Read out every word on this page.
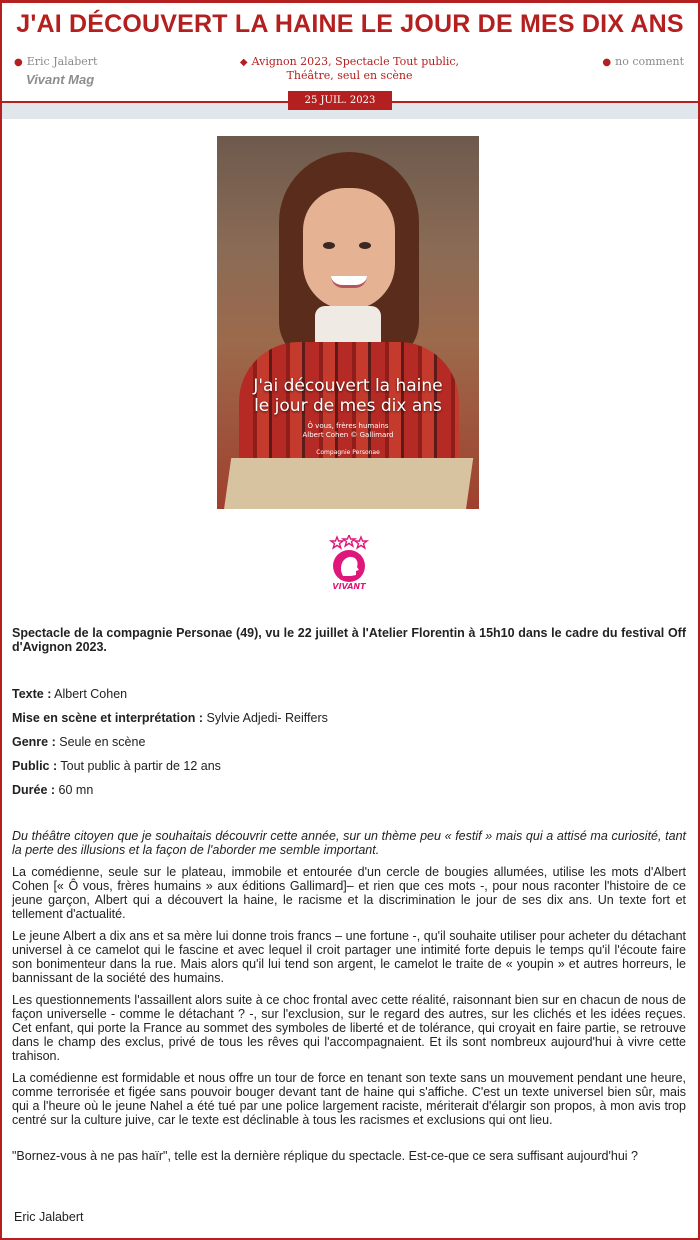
J'AI DÉCOUVERT LA HAINE LE JOUR DE MES DIX ANS
● Eric Jalabert
Vivant Mag
◆ Avignon 2023, Spectacle Tout public,
Théâtre, seul en scène
● no comment
25 JUIL. 2023
J'ai découvert la haine
le jour de mes dix ans
Ô vous, frères humains
Albert Cohen © Gallimard
Compagnie Personae
VIVANT
Spectacle de la compagnie Personae (49), vu le 22 juillet à l'Atelier Florentin à 15h10 dans le cadre du festival Off d'Avignon 2023.
Texte : Albert Cohen
Mise en scène et interprétation : Sylvie Adjedi- Reiffers
Genre : Seule en scène
Public : Tout public à partir de 12 ans
Durée : 60 mn
Du théâtre citoyen que je souhaitais découvrir cette année, sur un thème peu « festif » mais qui a attisé ma curiosité, tant la perte des illusions et la façon de l'aborder me semble important.
La comédienne, seule sur le plateau, immobile et entourée d'un cercle de bougies allumées, utilise les mots d'Albert Cohen [« Ô vous, frères humains » aux éditions Gallimard]– et rien que ces mots -, pour nous raconter l'histoire de ce jeune garçon, Albert qui a découvert la haine, le racisme et la discrimination le jour de ses dix ans. Un texte fort et tellement d'actualité.
Le jeune Albert a dix ans et sa mère lui donne trois francs – une fortune -, qu'il souhaite utiliser pour acheter du détachant universel à ce camelot qui le fascine et avec lequel il croit partager une intimité forte depuis le temps qu'il l'écoute faire son bonimenteur dans la rue. Mais alors qu'il lui tend son argent, le camelot le traite de « youpin » et autres horreurs, le bannissant de la société des humains.
Les questionnements l'assaillent alors suite à ce choc frontal avec cette réalité, raisonnant bien sur en chacun de nous de façon universelle - comme le détachant ? -, sur l'exclusion, sur le regard des autres, sur les clichés et les idées reçues. Cet enfant, qui porte la France au sommet des symboles de liberté et de tolérance, qui croyait en faire partie, se retrouve dans le champ des exclus, privé de tous les rêves qui l'accompagnaient. Et ils sont nombreux aujourd'hui à vivre cette trahison.
La comédienne est formidable et nous offre un tour de force en tenant son texte sans un mouvement pendant une heure, comme terrorisée et figée sans pouvoir bouger devant tant de haine qui s'affiche. C'est un texte universel bien sûr, mais qui a l'heure où le jeune Nahel a été tué par une police largement raciste, mériterait d'élargir son propos, à mon avis trop centré sur la culture juive, car le texte est déclinable à tous les racismes et exclusions qui ont lieu.
"Bornez-vous à ne pas haïr", telle est la dernière réplique du spectacle. Est-ce-que ce sera suffisant aujourd'hui ?
Eric Jalabert
